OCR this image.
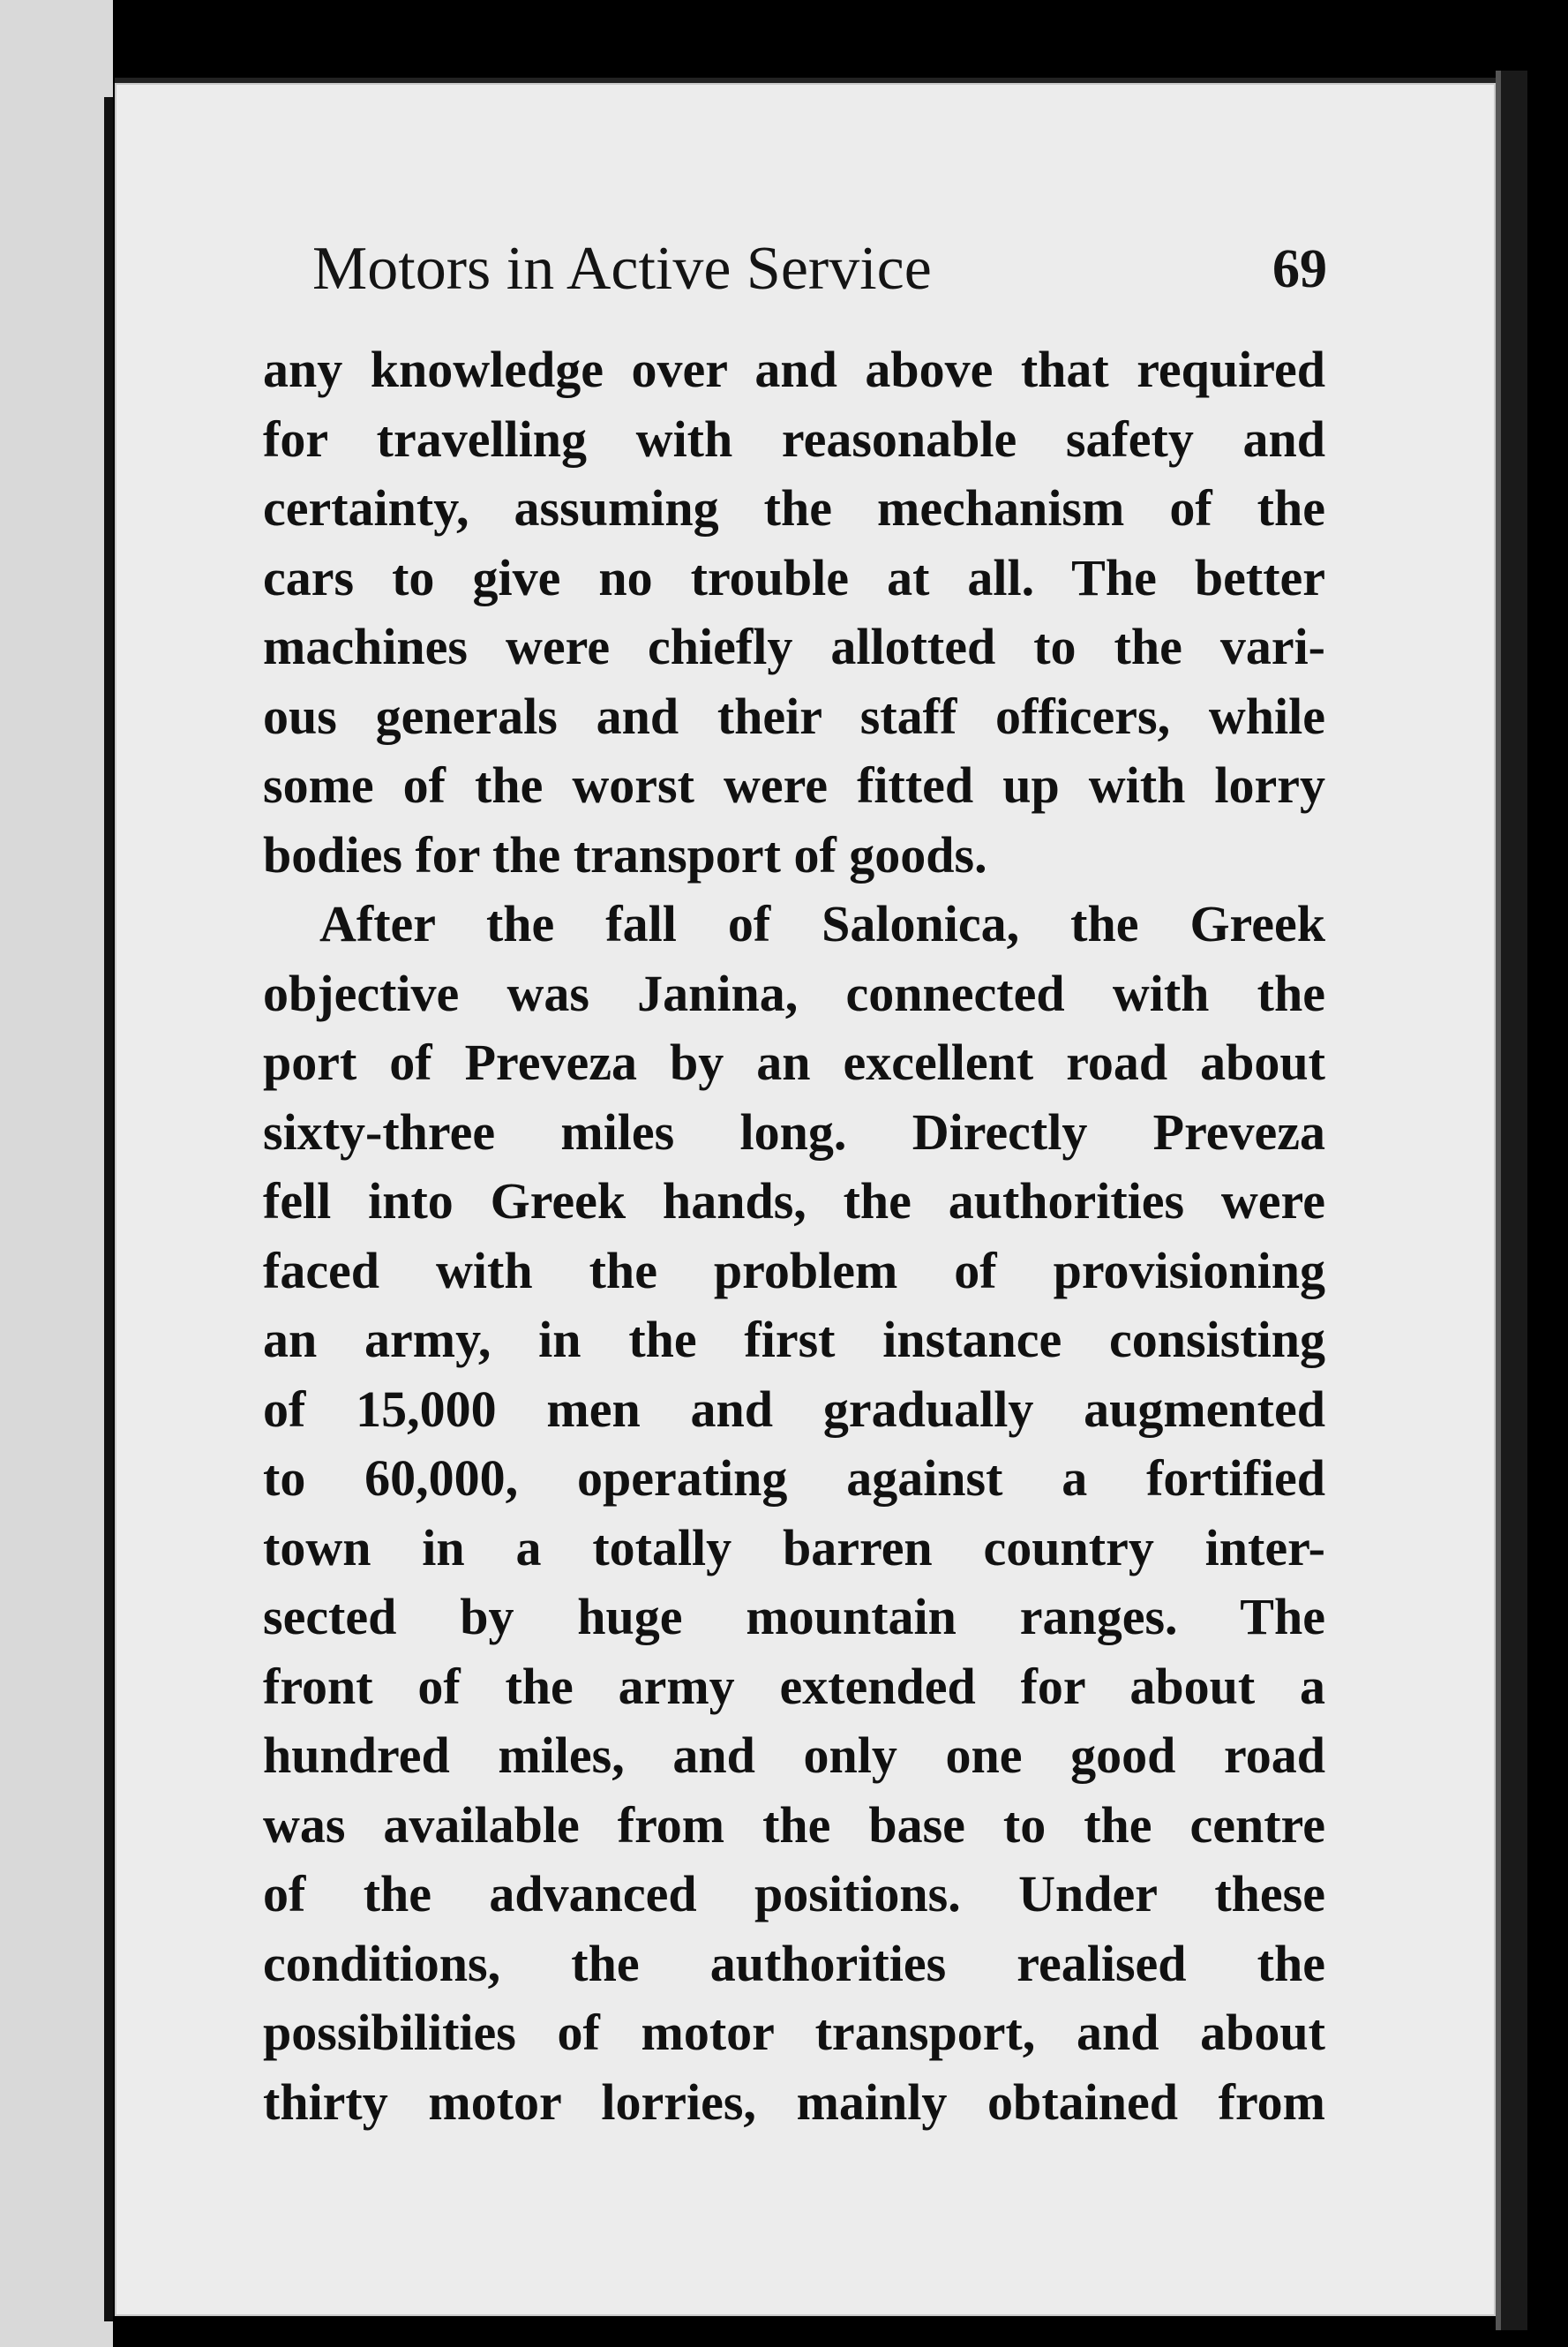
Motors in Active Service	69
any knowledge over and above that required
for travelling with reasonable safety and
certainty, assuming the mechanism of the
cars to give no trouble at all. The better
machines were chiefly allotted to the vari-
ous generals and their staff officers, while
some of the worst were fitted up with lorry
bodies for the transport of goods.
After the fall of Salonica, the Greek
objective was Janina, connected with the
port of Preveza by an excellent road about
sixty-three miles long. Directly Preveza
fell into Greek hands, the authorities were
faced with the problem of provisioning
an army, in the first instance consisting
of 15,000 men and gradually augmented
to 60,000, operating against a fortified
town in a totally barren country inter-
sected by huge mountain ranges. The
front of the army extended for about a
hundred miles, and only one good road
was available from the base to the centre
of the advanced positions. Under these
conditions, the authorities realised the
possibilities of motor transport, and about
thirty motor lorries, mainly obtained from
